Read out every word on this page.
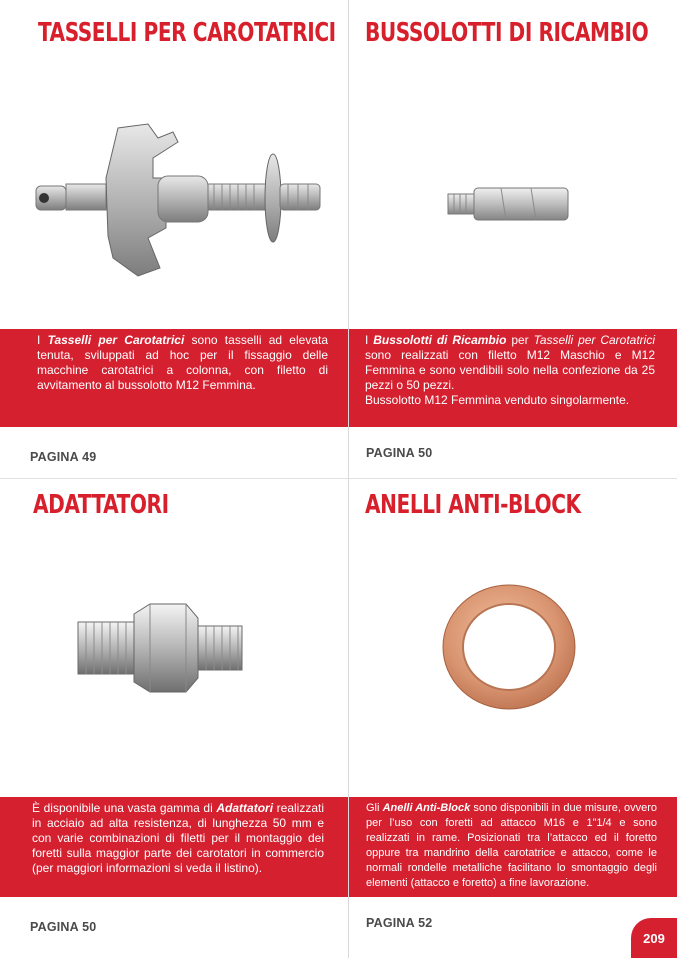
TASSELLI PER CAROTATRICI
I Tasselli per Carotatrici sono tasselli ad elevata tenuta, sviluppati ad hoc per il fissaggio delle macchine carotatrici a colonna, con filetto di avvitamento al bussolotto M12 Femmina.
PAGINA 49
BUSSOLOTTI DI RICAMBIO
I Bussolotti di Ricambio per Tasselli per Carotatrici sono realizzati con filetto M12 Maschio e M12 Femmina e sono vendibili solo nella confezione da 25 pezzi o 50 pezzi.
Bussolotto M12 Femmina venduto singolarmente.
PAGINA 50
ADATTATORI
È disponibile una vasta gamma di Adattatori realizzati in acciaio ad alta resistenza, di lunghezza 50 mm e con varie combinazioni di filetti per il montaggio dei foretti sulla maggior parte dei carotatori in commercio (per maggiori informazioni si veda il listino).
PAGINA 50
ANELLI ANTI-BLOCK
Gli Anelli Anti-Block sono disponibili in due misure, ovvero per l’uso con foretti ad attacco M16 e 1”1/4 e sono realizzati in rame. Posizionati tra l’attacco ed il foretto oppure tra mandrino della carotatrice e attacco, come le normali rondelle metalliche facilitano lo smontaggio degli elementi (attacco e foretto) a fine lavorazione.
PAGINA 52
209
